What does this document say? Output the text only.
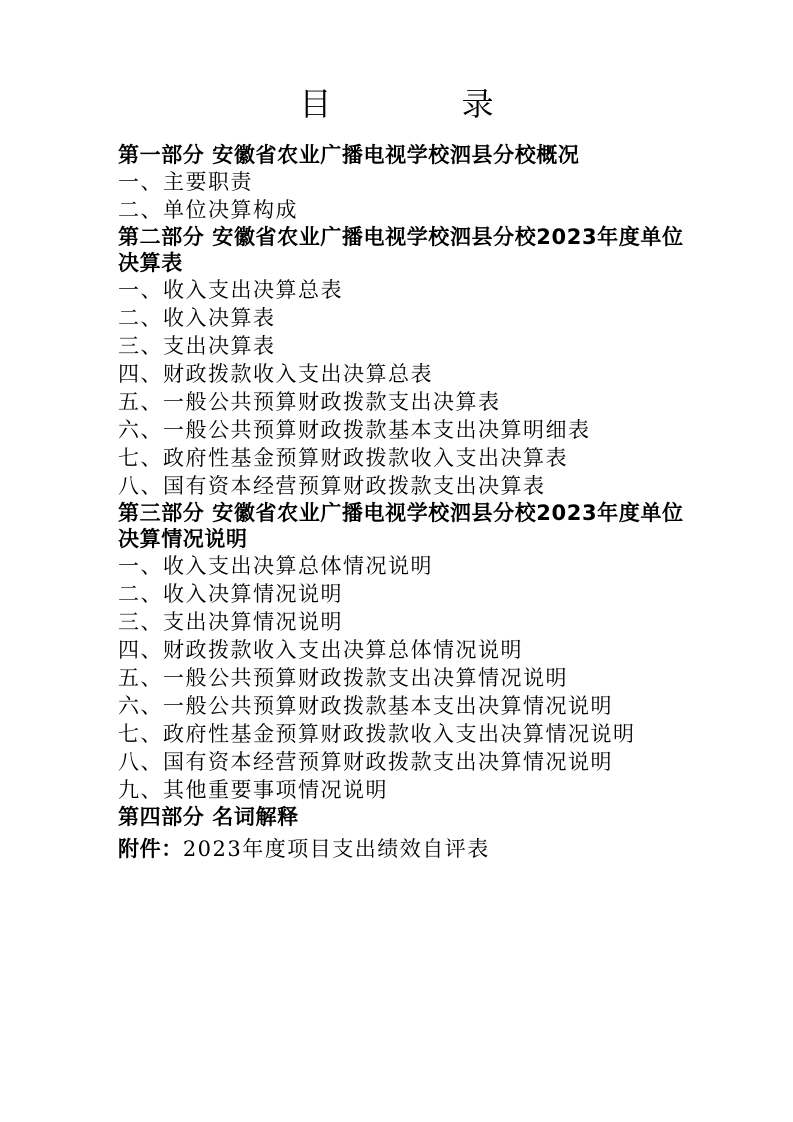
目 录
第一部分 安徽省农业广播电视学校泗县分校概况
一、主要职责
二、单位决算构成
第二部分 安徽省农业广播电视学校泗县分校2023年度单位决算表
一、收入支出决算总表
二、收入决算表
三、支出决算表
四、财政拨款收入支出决算总表
五、一般公共预算财政拨款支出决算表
六、一般公共预算财政拨款基本支出决算明细表
七、政府性基金预算财政拨款收入支出决算表
八、国有资本经营预算财政拨款支出决算表
第三部分 安徽省农业广播电视学校泗县分校2023年度单位决算情况说明
一、收入支出决算总体情况说明
二、收入决算情况说明
三、支出决算情况说明
四、财政拨款收入支出决算总体情况说明
五、一般公共预算财政拨款支出决算情况说明
六、一般公共预算财政拨款基本支出决算情况说明
七、政府性基金预算财政拨款收入支出决算情况说明
八、国有资本经营预算财政拨款支出决算情况说明
九、其他重要事项情况说明
第四部分 名词解释
附件：2023年度项目支出绩效自评表
